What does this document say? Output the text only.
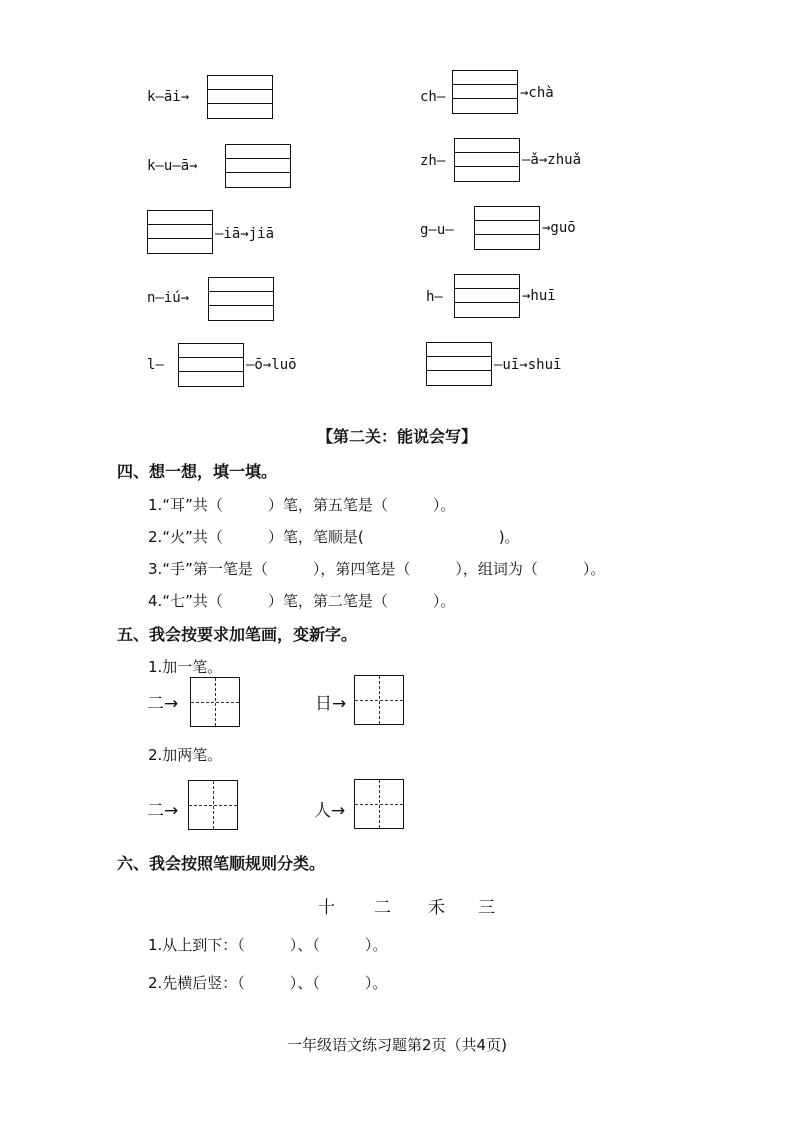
k—āi→
k—u—ā→
—iā→jiā
n—iú→
l—	—ō→luō
ch—	→chà
zh—	—ǎ→zhuǎ
g—u—	→guō
h—	→huī
—uī→shuī
【第二关：能说会写】
四、想一想，填一填。
1.“耳”共（　　　）笔，第五笔是（　　　）。
2.“火”共（　　　）笔，笔顺是(　　　　　　　　　)。
3.“手”第一笔是（　　　），第四笔是（　　　），组词为（　　　）。
4.“七”共（　　　）笔，第二笔是（　　　）。
五、我会按要求加笔画，变新字。
1.加一笔。
二→	日→
2.加两笔。
二→	人→
六、我会按照笔顺规则分类。
十 二 禾 三
1.从上到下：（　　　）、（　　　）。
2.先横后竖：（　　　）、（　　　）。
一年级语文练习题第2页（共4页)
